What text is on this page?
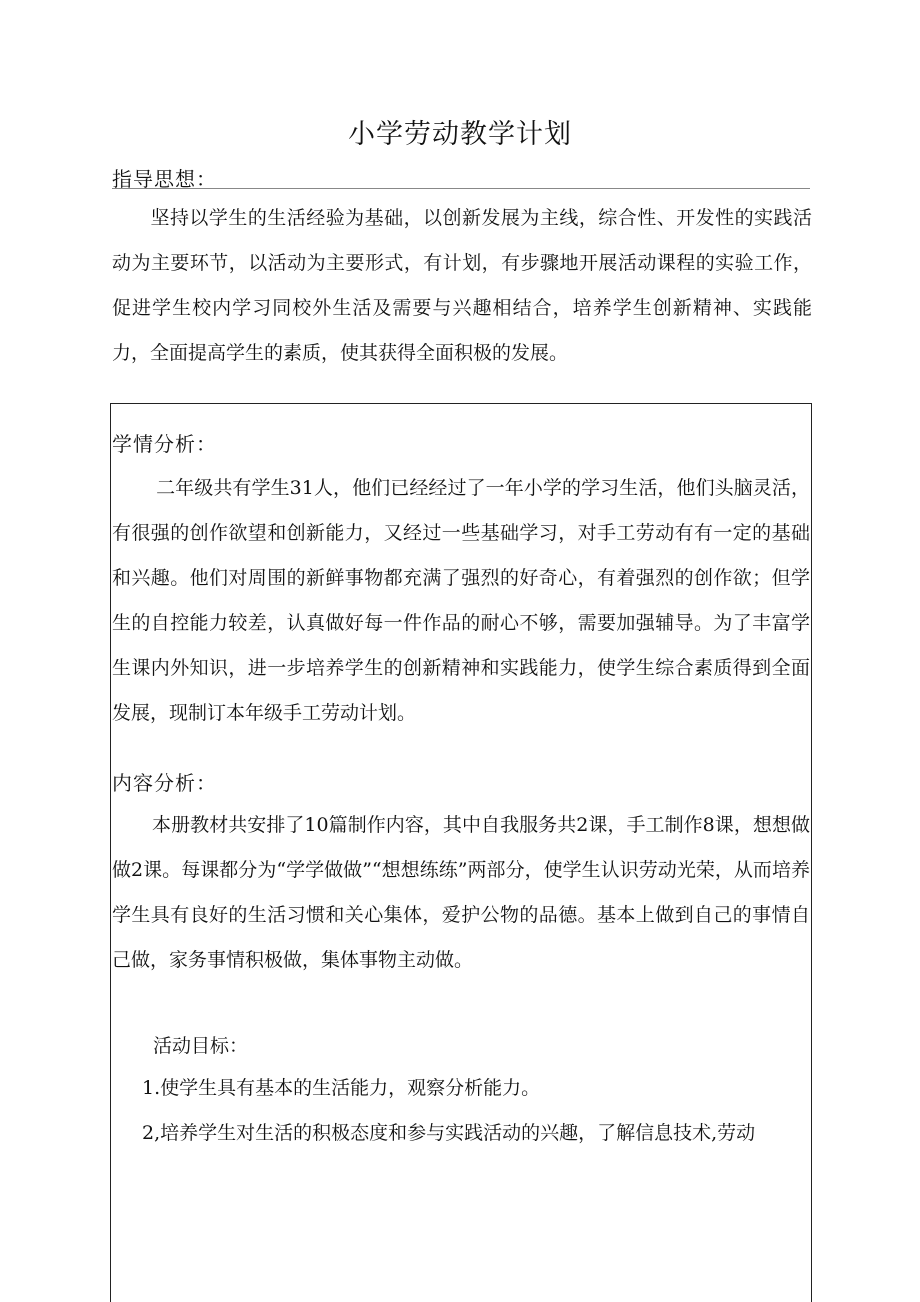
小学劳动教学计划
指导思想：
坚持以学生的生活经验为基础，以创新发展为主线，综合性、开发性的实践活动为主要环节，以活动为主要形式，有计划，有步骤地开展活动课程的实验工作，促进学生校内学习同校外生活及需要与兴趣相结合，培养学生创新精神、实践能力，全面提高学生的素质，使其获得全面积极的发展。
学情分析：
二年级共有学生31人，他们已经经过了一年小学的学习生活，他们头脑灵活，有很强的创作欲望和创新能力，又经过一些基础学习，对手工劳动有有一定的基础和兴趣。他们对周围的新鲜事物都充满了强烈的好奇心，有着强烈的创作欲；但学生的自控能力较差，认真做好每一件作品的耐心不够，需要加强辅导。为了丰富学生课内外知识，进一步培养学生的创新精神和实践能力，使学生综合素质得到全面发展，现制订本年级手工劳动计划。
内容分析：
本册教材共安排了10篇制作内容，其中自我服务共2课，手工制作8课，想想做做2课。每课都分为“学学做做”“想想练练”两部分，使学生认识劳动光荣，从而培养学生具有良好的生活习惯和关心集体，爱护公物的品德。基本上做到自己的事情自己做，家务事情积极做，集体事物主动做。
活动目标：
1.使学生具有基本的生活能力，观察分析能力。
2,培养学生对生活的积极态度和参与实践活动的兴趣，了解信息技术,劳动
